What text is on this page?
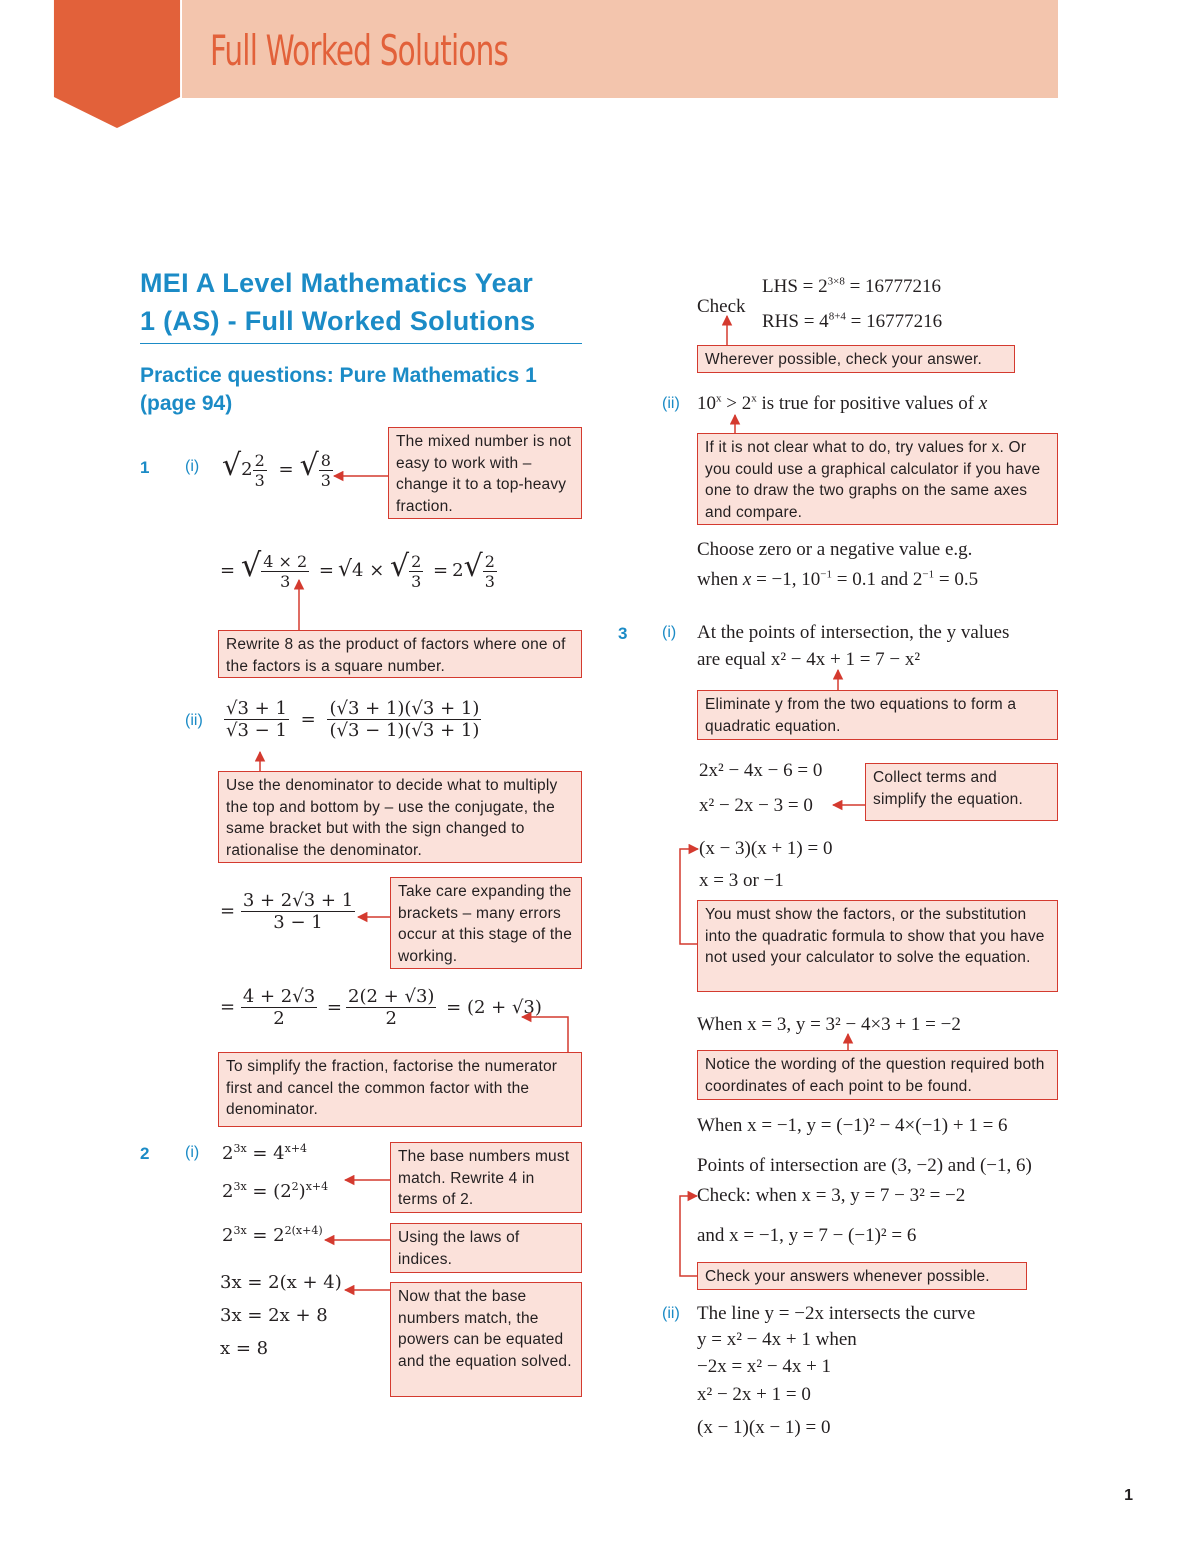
Full Worked Solutions
MEI A Level Mathematics Year
1 (AS) - Full Worked Solutions
Practice questions: Pure Mathematics 1
(page 94)
1 (i) $√2 \frac{2}{3}$ = √ $\frac{8}{3}$
= √ $\frac{4 \times 2}{3} = √4$ × √ $\frac{2}{3} = 2√ \frac{2}{3}$
The mixed number is not easy to work with – change it to a top-heavy fraction.
Rewrite 8 as the product of factors where one of the factors is a square number.
$(ii) \frac{√3 + 1}{√3 - 1} = \frac{(√3 + 1)(√3 + 1)}{(√3 - 1)(√3 + 1)}$
Use the denominator to decide what to multiply the top and bottom by – use the conjugate, the same bracket but with the sign changed to rationalise the denominator.
= $\frac{3 + 2√3 + 1}{3 - 1}$	Take care expanding the brackets – many errors occur at this stage of the working.
= $\frac{4 + 2√3}{2} = \frac{2(2 + √3)}{2} = (2 + √3)$
To simplify the fraction, factorise the numerator first and cancel the common factor with the denominator.
2 (i) $2^{3x} = 4^{x+4}$
$2^{3x} = (2^2)^{x+4}$
$2^{3x} = 2^{2(x+4)}$
3x = 2(x + 4)
3x = 2x + 8
x = 8
The base numbers must match. Rewrite 4 in terms of 2.
Using the laws of indices.
Now that the base numbers match, the powers can be equated and the equation solved.
Check
LHS = $2^{3\times 8} = 16777216$
RHS = $4^{8+4} = 16777216$
Wherever possible, check your answer.
(ii) $10^x > 2^x$ is true for positive values of x
If it is not clear what to do, try values for x. Or you could use a graphical calculator if you have one to draw the two graphs on the same axes and compare.
Choose zero or a negative value e.g.
when x = −1, $10^{-1} = 0.1$ and $2^{-1} = 0.5$
3 (i) At the points of intersection, the y values
are equal x² − 4x + 1 = 7 − x²
Eliminate y from the two equations to form a quadratic equation.
2x² − 4x − 6 = 0
x² − 2x − 3 = 0
Collect terms and simplify the equation.
(x − 3)(x + 1) = 0
x = 3 or −1
You must show the factors, or the substitution into the quadratic formula to show that you have not used your calculator to solve the equation.
When x = 3, y = 3² − 4×3 + 1 = −2
Notice the wording of the question required both coordinates of each point to be found.
When x = −1, y = (−1)² − 4×(−1) + 1 = 6
Points of intersection are (3, −2) and (−1, 6)
Check: when x = 3, y = 7 − 3² = −2
and x = −1, y = 7 − (−1)² = 6
Check your answers whenever possible.
(ii) The line y = −2x intersects the curve
y = x² − 4x + 1 when
−2x = x² − 4x + 1
x² − 2x + 1 = 0
(x − 1)(x − 1) = 0
1
